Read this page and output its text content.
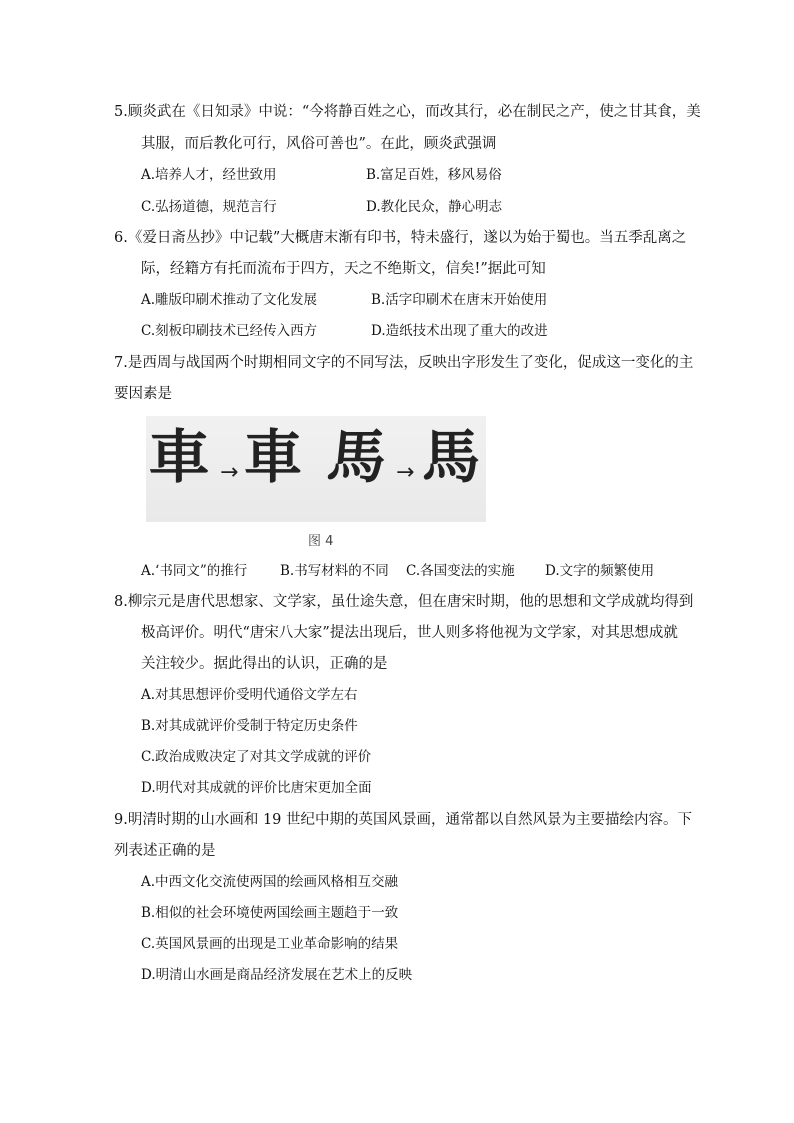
5.顾炎武在《日知录》中说：“今将静百姓之心，而改其行，必在制民之产，使之甘其食，美
其服，而后教化可行，风俗可善也”。在此，顾炎武强调
A.培养人才，经世致用	B.富足百姓，移风易俗
C.弘扬道德，规范言行	D.教化民众，静心明志
6.《爱日斋丛抄》中记载”大概唐末渐有印书，特未盛行，遂以为始于蜀也。当五季乱离之
际，经籍方有托而流布于四方，天之不绝斯文，信矣!”据此可知
A.雕版印刷术推动了文化发展	B.活字印刷术在唐末开始使用
C.刻板印刷技术已经传入西方	D.造纸技术出现了重大的改进
7.是西周与战国两个时期相同文字的不同写法，反映出字形发生了变化，促成这一变化的主
要因素是
車 → 車 馬 → 馬
图 4
A.‘书同文”的推行 B.书写材料的不同 C.各国变法的实施 D.文字的频繁使用
8.柳宗元是唐代思想家、文学家，虽仕途失意，但在唐宋时期，他的思想和文学成就均得到
极高评价。明代“唐宋八大家”提法出现后，世人则多将他视为文学家，对其思想成就
关注较少。据此得出的认识，正确的是
A.对其思想评价受明代通俗文学左右
B.对其成就评价受制于特定历史条件
C.政治成败决定了对其文学成就的评价
D.明代对其成就的评价比唐宋更加全面
9.明清时期的山水画和 19 世纪中期的英国风景画，通常都以自然风景为主要描绘内容。下
列表述正确的是
A.中西文化交流使两国的绘画风格相互交融
B.相似的社会环境使两国绘画主题趋于一致
C.英国风景画的出现是工业革命影响的结果
D.明清山水画是商品经济发展在艺术上的反映
